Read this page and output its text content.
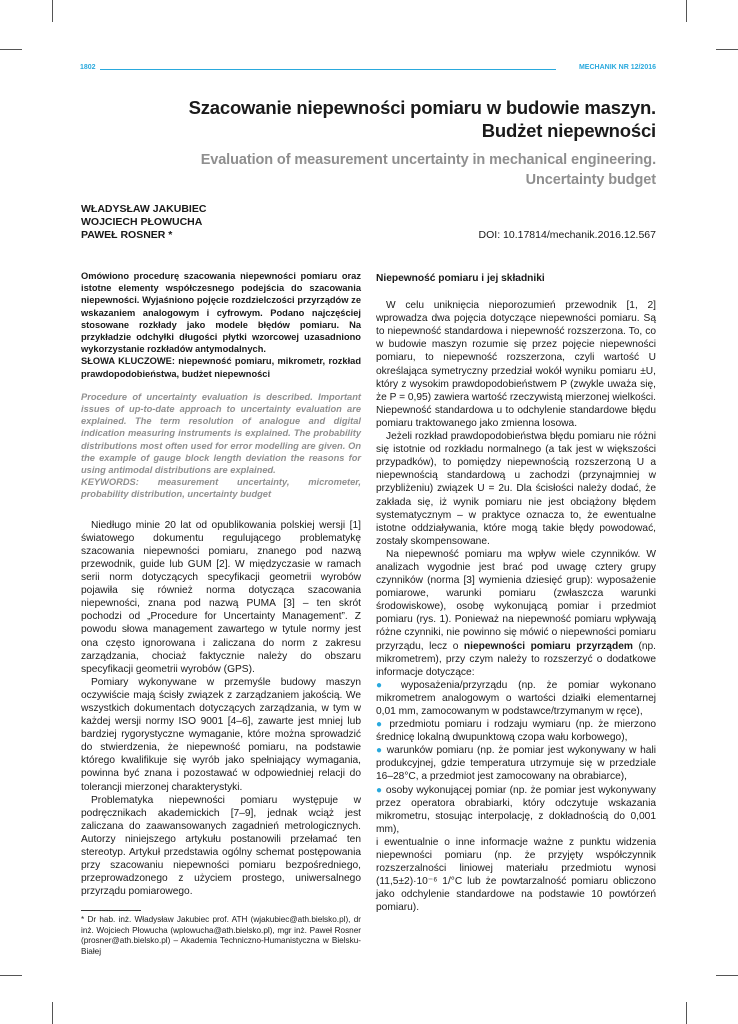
1802	MECHANIK NR 12/2016
Szacowanie niepewności pomiaru w budowie maszyn.
Budżet niepewności
Evaluation of measurement uncertainty in mechanical engineering.
Uncertainty budget
WŁADYSŁAW JAKUBIEC
WOJCIECH PŁOWUCHA
PAWEŁ ROSNER *	DOI: 10.17814/mechanik.2016.12.567

Omówiono procedurę szacowania niepewności pomiaru oraz istotne elementy współczesnego podejścia do szacowania niepewności. Wyjaśniono pojęcie rozdzielczości przyrządów ze wskazaniem analogowym i cyfrowym. Podano najczęściej stosowane rozkłady jako modele błędów pomiaru. Na przykładzie odchyłki długości płytki wzorcowej uzasadniono wykorzystanie rozkładów antymodalnych.

SŁOWA KLUCZOWE: niepewność pomiaru, mikrometr, rozkład prawdopodobieństwa, budżet niepewności

Procedure of uncertainty evaluation is described. Important issues of up-to-date approach to uncertainty evaluation are explained. The term resolution of analogue and digital indication measuring instruments is explained. The probability distributions most often used for error modelling are given. On the example of gauge block length deviation the reasons for using antimodal distributions are explained.

KEYWORDS: measurement uncertainty, micrometer, probability distribution, uncertainty budget

Niedługo minie 20 lat od opublikowania polskiej wersji [1] światowego dokumentu regulującego problematykę szacowania niepewności pomiaru, znanego pod nazwą przewodnik, guide lub GUM [2]. W międzyczasie w ramach serii norm dotyczących specyfikacji geometrii wyrobów pojawiła się również norma dotycząca szacowania niepewności, znana pod nazwą PUMA [3] – ten skrót pochodzi od „Procedure for Uncertainty Management”. Z powodu słowa management zawartego w tytule normy jest ona często ignorowana i zaliczana do norm z zakresu zarządzania, chociaż faktycznie należy do obszaru specyfikacji geometrii wyrobów (GPS).

Pomiary wykonywane w przemyśle budowy maszyn oczywiście mają ścisły związek z zarządzaniem jakością. We wszystkich dokumentach dotyczących zarządzania, w tym w każdej wersji normy ISO 9001 [4–6], zawarte jest mniej lub bardziej rygorystyczne wymaganie, które można sprowadzić do stwierdzenia, że niepewność pomiaru, na podstawie którego kwalifikuje się wyrób jako spełniający wymagania, powinna być znana i pozostawać w odpowiedniej relacji do tolerancji mierzonej charakterystyki.

Problematyka niepewności pomiaru występuje w podręcznikach akademickich [7–9], jednak wciąż jest zaliczana do zaawansowanych zagadnień metrologicznych. Autorzy niniejszego artykułu postanowili przełamać ten stereotyp. Artykuł przedstawia ogólny schemat postępowania przy szacowaniu niepewności pomiaru bezpośredniego, przeprowadzonego z użyciem prostego, uniwersalnego przyrządu pomiarowego.

* Dr hab. inż. Władysław Jakubiec prof. ATH (wjakubiec@ath.bielsko.pl), dr inż. Wojciech Płowucha (wplowucha@ath.bielsko.pl), mgr inż. Paweł Rosner (prosner@ath.bielsko.pl) – Akademia Techniczno-Humanistyczna w Bielsku-Białej

Niepewność pomiaru i jej składniki

W celu uniknięcia nieporozumień przewodnik [1, 2] wprowadza dwa pojęcia dotyczące niepewności pomiaru. Są to niepewność standardowa i niepewność rozszerzona. To, co w budowie maszyn rozumie się przez pojęcie niepewności pomiaru, to niepewność rozszerzona, czyli wartość U określająca symetryczny przedział wokół wyniku pomiaru ±U, który z wysokim prawdopodobieństwem P (zwykle uważa się, że P = 0,95) zawiera wartość rzeczywistą mierzonej wielkości. Niepewność standardowa u to odchylenie standardowe błędu pomiaru traktowanego jako zmienna losowa.

Jeżeli rozkład prawdopodobieństwa błędu pomiaru nie różni się istotnie od rozkładu normalnego (a tak jest w większości przypadków), to pomiędzy niepewnością rozszerzoną U a niepewnością standardową u zachodzi (przynajmniej w przybliżeniu) związek U = 2u. Dla ścisłości należy dodać, że zakłada się, iż wynik pomiaru nie jest obciążony błędem systematycznym – w praktyce oznacza to, że ewentualne istotne oddziaływania, które mogą takie błędy powodować, zostały skompensowane.

Na niepewność pomiaru ma wpływ wiele czynników. W analizach wygodnie jest brać pod uwagę cztery grupy czynników (norma [3] wymienia dziesięć grup): wyposażenie pomiarowe, warunki pomiaru (zwłaszcza warunki środowiskowe), osobę wykonującą pomiar i przedmiot pomiaru (rys. 1). Ponieważ na niepewność pomiaru wpływają różne czynniki, nie powinno się mówić o niepewności pomiaru przyrządu, lecz o niepewności pomiaru przyrządem (np. mikrometrem), przy czym należy to rozszerzyć o dodatkowe informacje dotyczące:

● wyposażenia/przyrządu (np. że pomiar wykonano mikrometrem analogowym o wartości działki elementarnej 0,01 mm, zamocowanym w podstawce/trzymanym w ręce),

● przedmiotu pomiaru i rodzaju wymiaru (np. że mierzono średnicę lokalną dwupunktową czopa wału korbowego),

● warunków pomiaru (np. że pomiar jest wykonywany w hali produkcyjnej, gdzie temperatura utrzymuje się w przedziale 16–28°C, a przedmiot jest zamocowany na obrabiarce),

● osoby wykonującej pomiar (np. że pomiar jest wykonywany przez operatora obrabiarki, który odczytuje wskazania mikrometru, stosując interpolację, z dokładnością do 0,001 mm),

i ewentualnie o inne informacje ważne z punktu widzenia niepewności pomiaru (np. że przyjęty współczynnik rozszerzalności liniowej materiału przedmiotu wynosi (11,5±2)·10⁻⁶ 1/°C lub że powtarzalność pomiaru obliczono jako odchylenie standardowe na podstawie 10 powtórzeń pomiaru).
